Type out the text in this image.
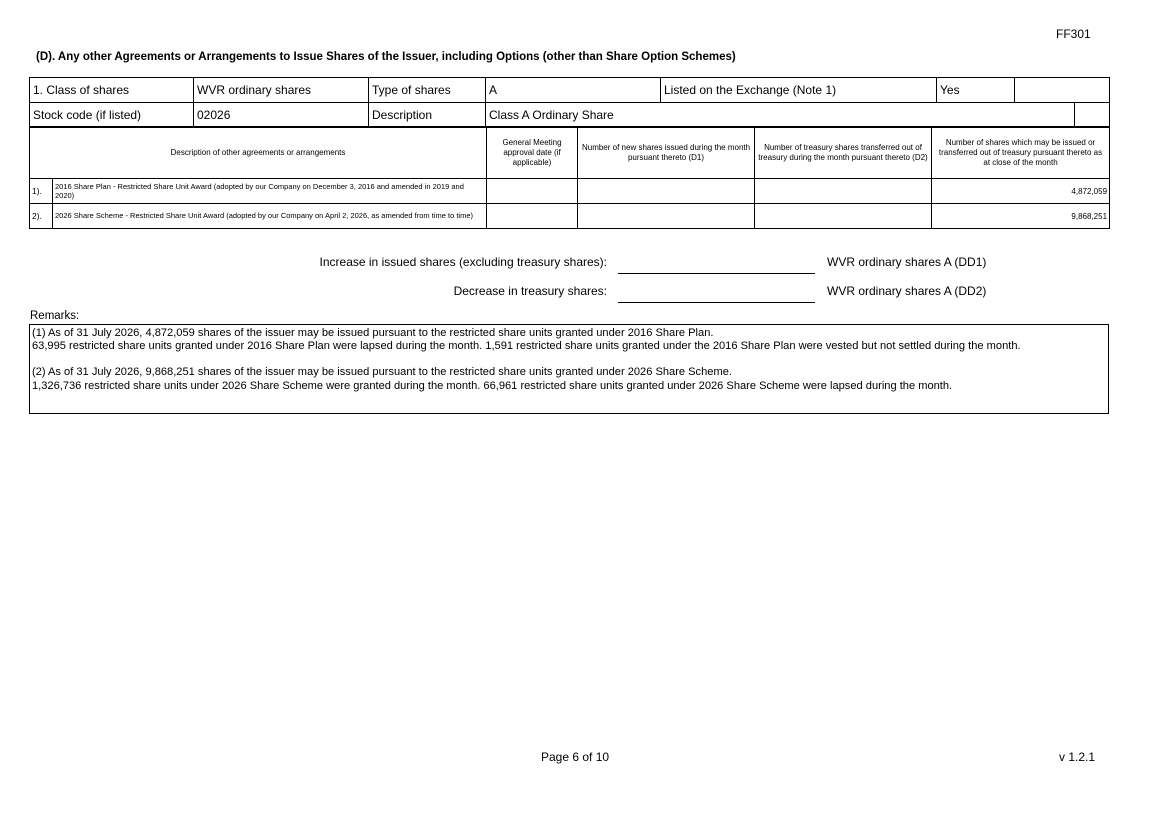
FF301
(D). Any other Agreements or Arrangements to Issue Shares of the Issuer, including Options (other than Share Option Schemes)
1. Class of shares	WVR ordinary shares	Type of shares	A	Listed on the Exchange (Note 1)	Yes		
Stock code (if listed)	02026	Description	Class A Ordinary Share				
Description of other agreements or arrangements		General Meeting approval date (if applicable)	Number of new shares issued during the month pursuant thereto (D1)	Number of treasury shares transferred out of treasury during the month pursuant thereto (D2)	Number of shares which may be issued or transferred out of treasury pursuant thereto as at close of the month
1).	2016 Share Plan - Restricted Share Unit Award (adopted by our Company on December 3, 2016 and amended in 2019 and 2020)				4,872,059
2).	2026 Share Scheme - Restricted Share Unit Award (adopted by our Company on April 2, 2026, as amended from time to time)				9,868,251
Increase in issued shares (excluding treasury shares):	WVR ordinary shares A (DD1)
Decrease in treasury shares:	WVR ordinary shares A (DD2)
Remarks:

(1) As of 31 July 2026, 4,872,059 shares of the issuer may be issued pursuant to the restricted share units granted under 2016 Share Plan.

63,995 restricted share units granted under 2016 Share Plan were lapsed during the month. 1,591 restricted share units granted under the 2016 Share Plan were vested but not settled during the month.

(2) As of 31 July 2026, 9,868,251 shares of the issuer may be issued pursuant to the restricted share units granted under 2026 Share Scheme.

1,326,736 restricted share units under 2026 Share Scheme were granted during the month. 66,961 restricted share units granted under 2026 Share Scheme were lapsed during the month.

Page 6 of 10	v 1.2.1
